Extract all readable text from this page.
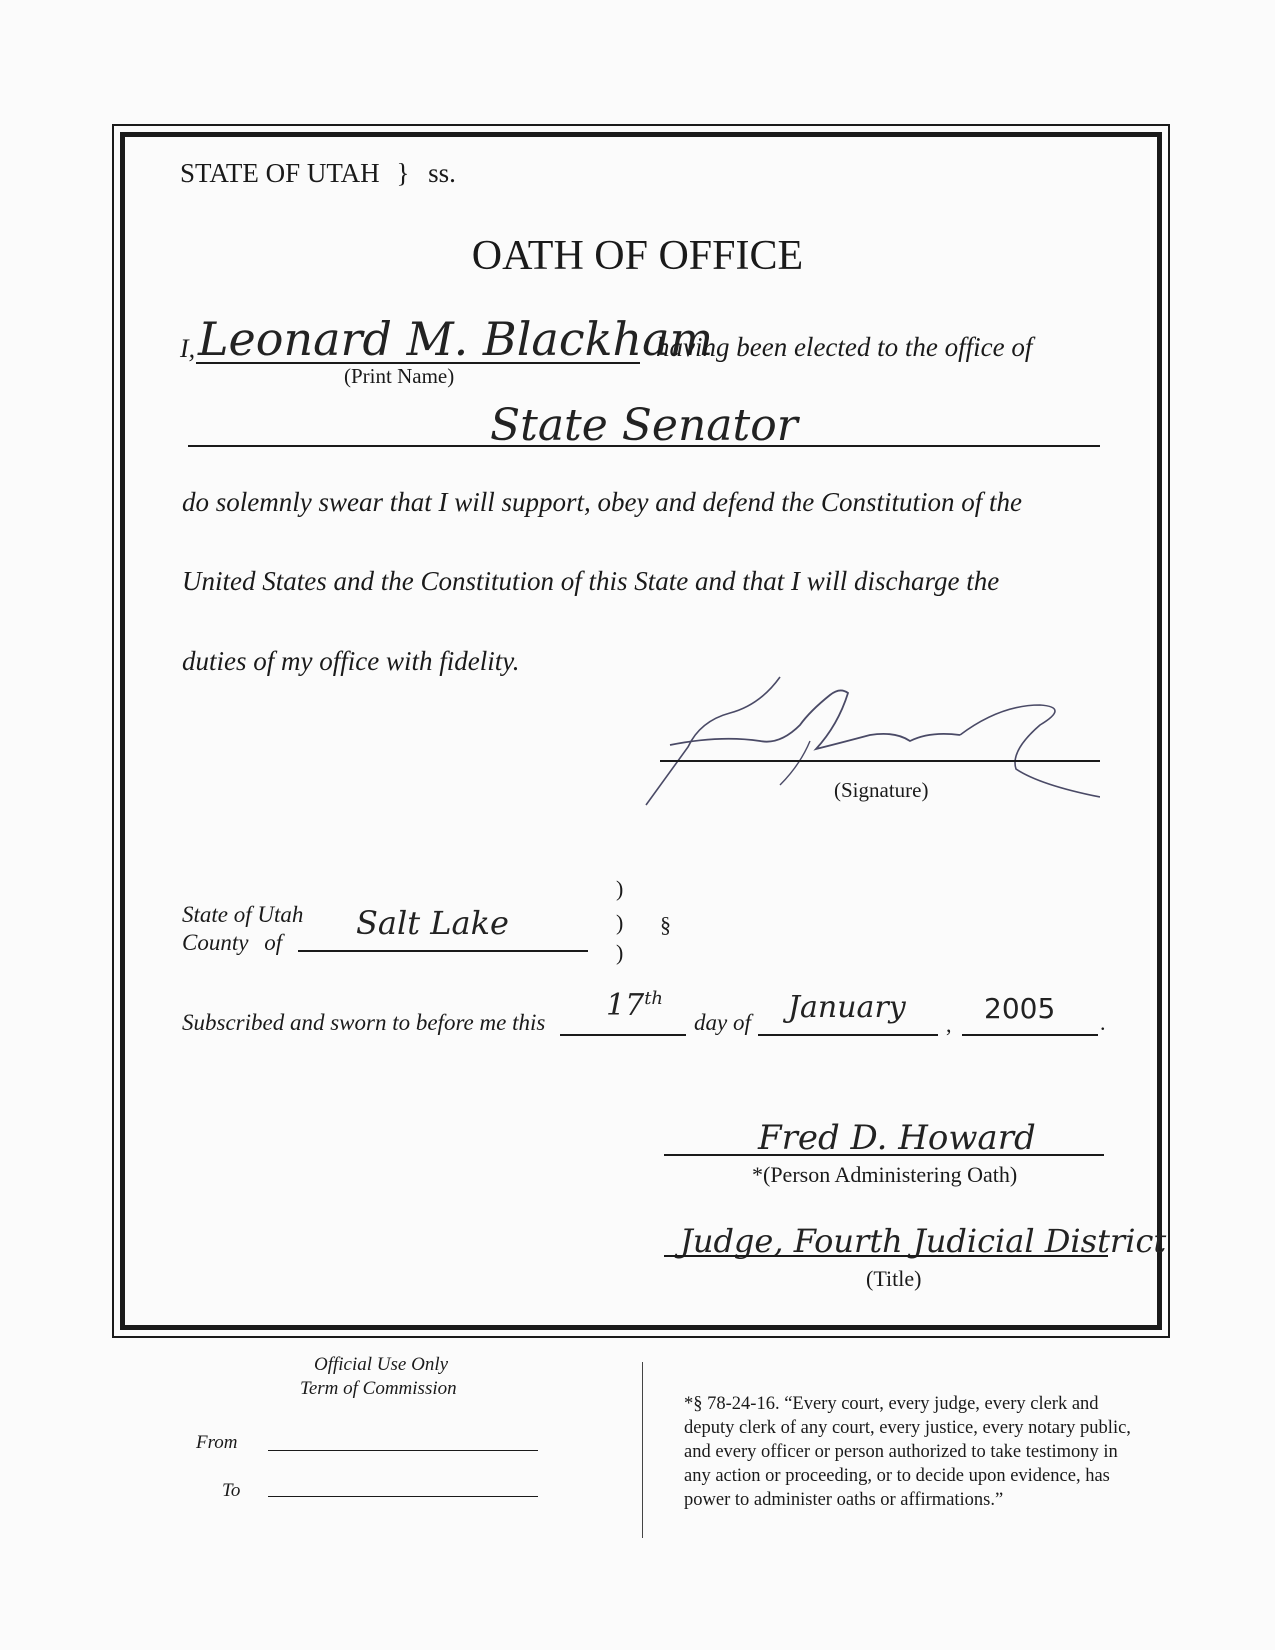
STATE OF UTAH } ss.
OATH OF OFFICE
I, Leonard M. Blackham
(Print Name)
having been elected to the office of
State Senator
do solemnly swear that I will support, obey and defend the Constitution of the
United States and the Constitution of this State and that I will discharge the
duties of my office with fidelity.
(Signature)
State of Utah
County of
Salt Lake
)
)
)
§
Subscribed and sworn to before me this 17th
day of January , 2005 .
Fred D. Howard
*(Person Administering Oath)
Judge, Fourth Judicial District
(Title)
Official Use Only
Term of Commission
From
To
*§ 78-24-16. “Every court, every judge, every clerk and
deputy clerk of any court, every justice, every notary public,
and every officer or person authorized to take testimony in
any action or proceeding, or to decide upon evidence, has
power to administer oaths or affirmations.”
